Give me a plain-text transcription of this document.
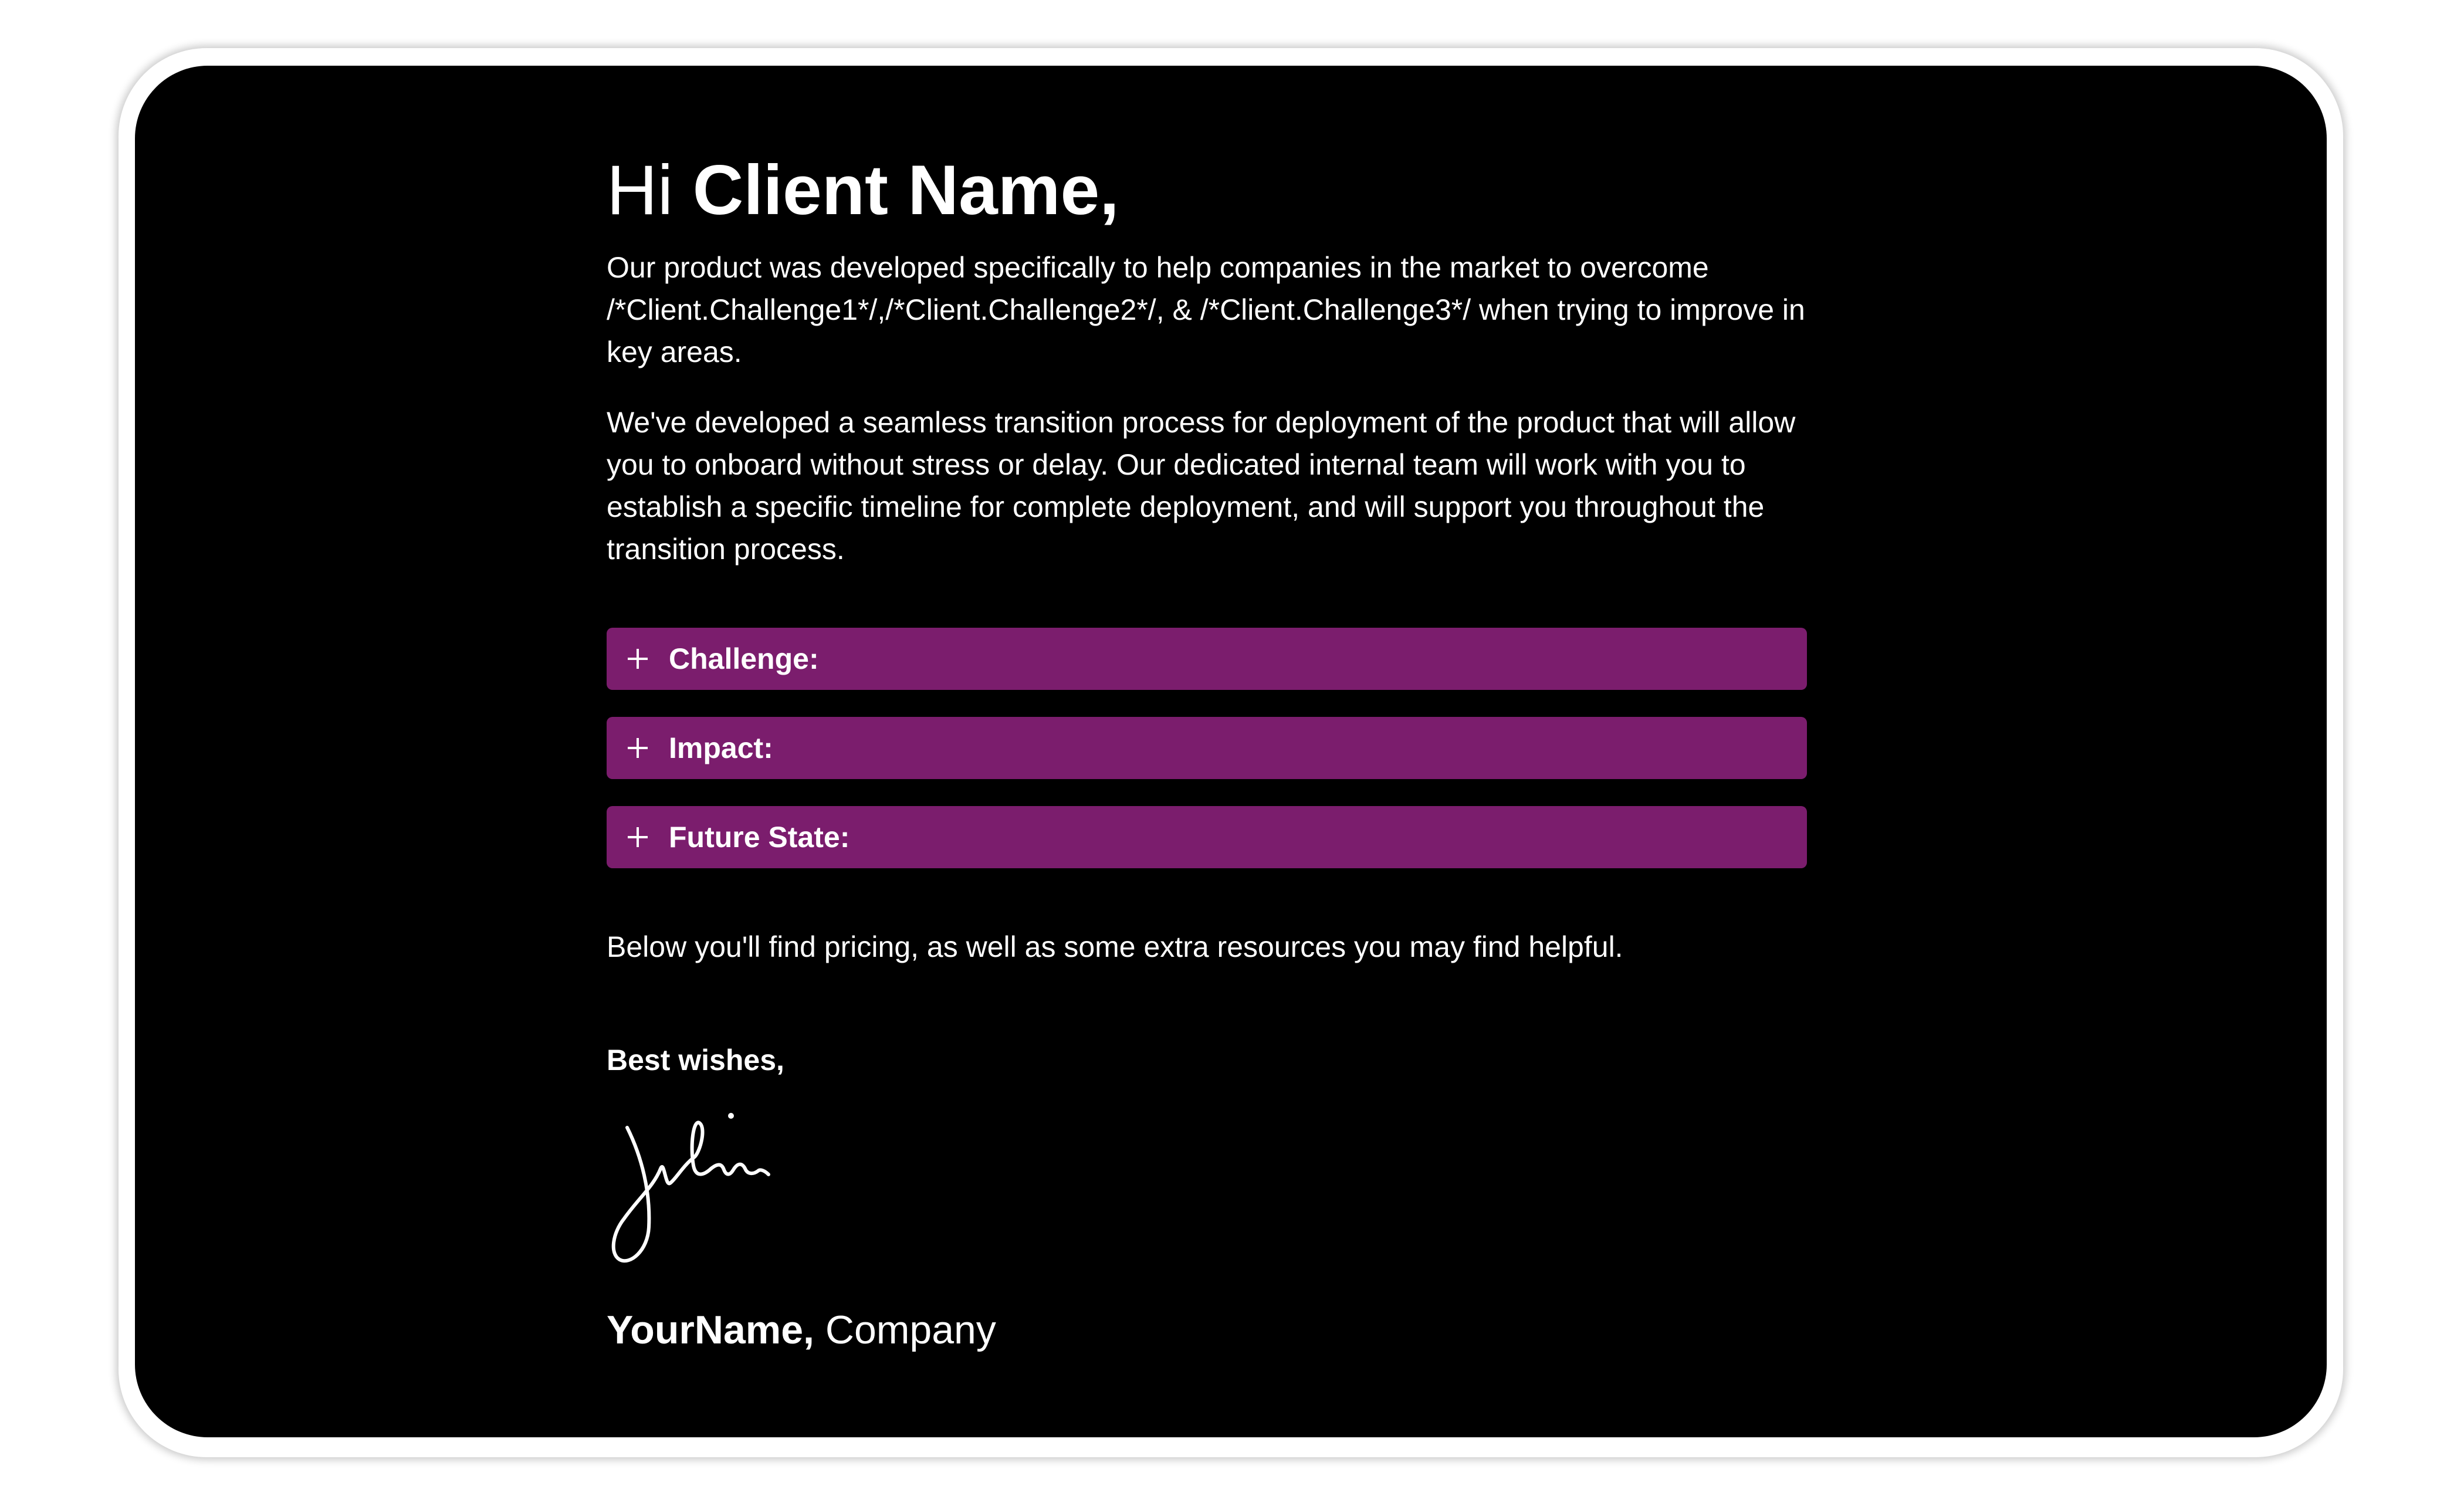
Hi Client Name,

Our product was developed specifically to help companies in the market to overcome /*Client.Challenge1*/,/*Client.Challenge2*/, & /*Client.Challenge3*/ when trying to improve in key areas.

We've developed a seamless transition process for deployment of the product that will allow you to onboard without stress or delay. Our dedicated internal team will work with you to establish a specific timeline for complete deployment, and will support you throughout the transition process.

Challenge:
Impact:
Future State:

Below you'll find pricing, as well as some extra resources you may find helpful.

Best wishes,

YourName, Company
